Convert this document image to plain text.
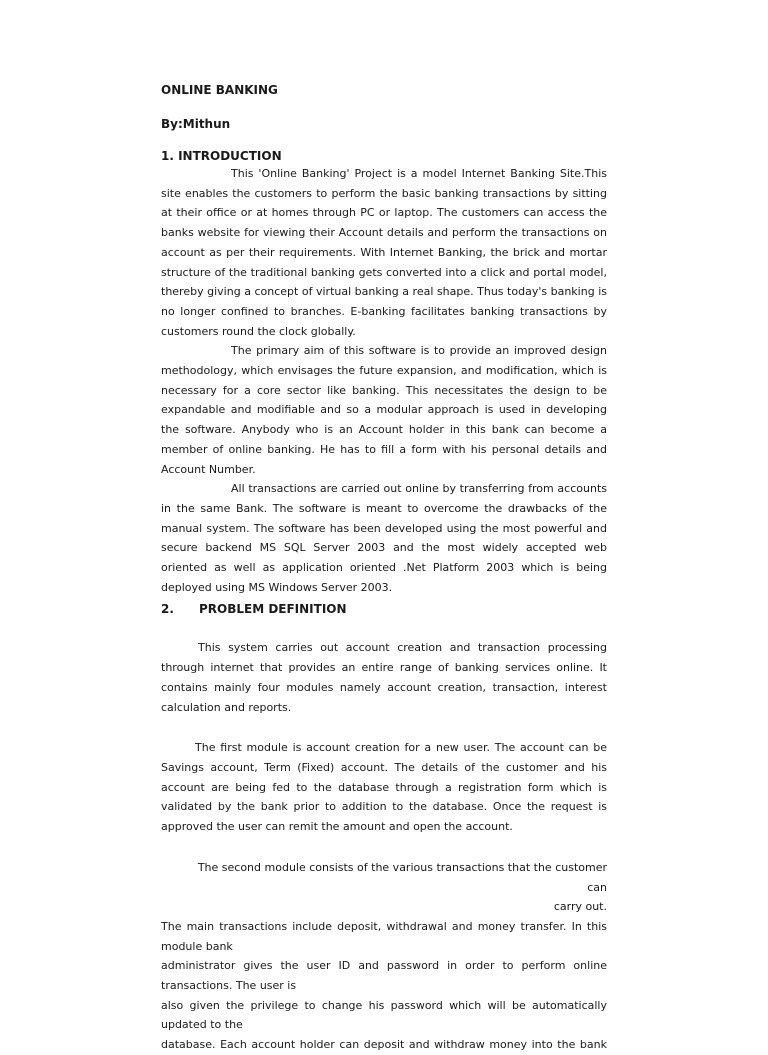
ONLINE BANKING
By:Mithun
1. INTRODUCTION

This 'Online Banking' Project is a model Internet Banking Site.This site enables the customers to perform the basic banking transactions by sitting at their office or at homes through PC or laptop. The customers can access the banks website for viewing their Account details and perform the transactions on account as per their requirements. With Internet Banking, the brick and mortar structure of the traditional banking gets converted into a click and portal model, thereby giving a concept of virtual banking a real shape. Thus today's banking is no longer confined to branches. E-banking facilitates banking transactions by customers round the clock globally.

The primary aim of this software is to provide an improved design methodology, which envisages the future expansion, and modification, which is necessary for a core sector like banking. This necessitates the design to be expandable and modifiable and so a modular approach is used in developing the software. Anybody who is an Account holder in this bank can become a member of online banking. He has to fill a form with his personal details and Account Number.

All transactions are carried out online by transferring from accounts in the same Bank. The software is meant to overcome the drawbacks of the manual system. The software has been developed using the most powerful and secure backend MS SQL Server 2003 and the most widely accepted web oriented as well as application oriented .Net Platform 2003 which is being deployed using MS Windows Server 2003.

2.      PROBLEM DEFINITION

This system carries out account creation and transaction processing through internet that provides an entire range of banking services online. It contains mainly four modules namely account creation, transaction, interest calculation and reports.

The first module is account creation for a new user. The account can be Savings account, Term (Fixed) account. The details of the customer and his account are being fed to the database through a registration form which is validated by the bank prior to addition to the database. Once the request is approved the user can remit the amount and open the account.

The second module consists of the various transactions that the customer can

carry out.

The main transactions include deposit, withdrawal and money transfer. In this

module bank

administrator gives the user ID and password in order to perform online

transactions. The user is

also given the privilege to change his password which will be automatically

updated to the

database. Each account holder can deposit and withdraw money into the bank
